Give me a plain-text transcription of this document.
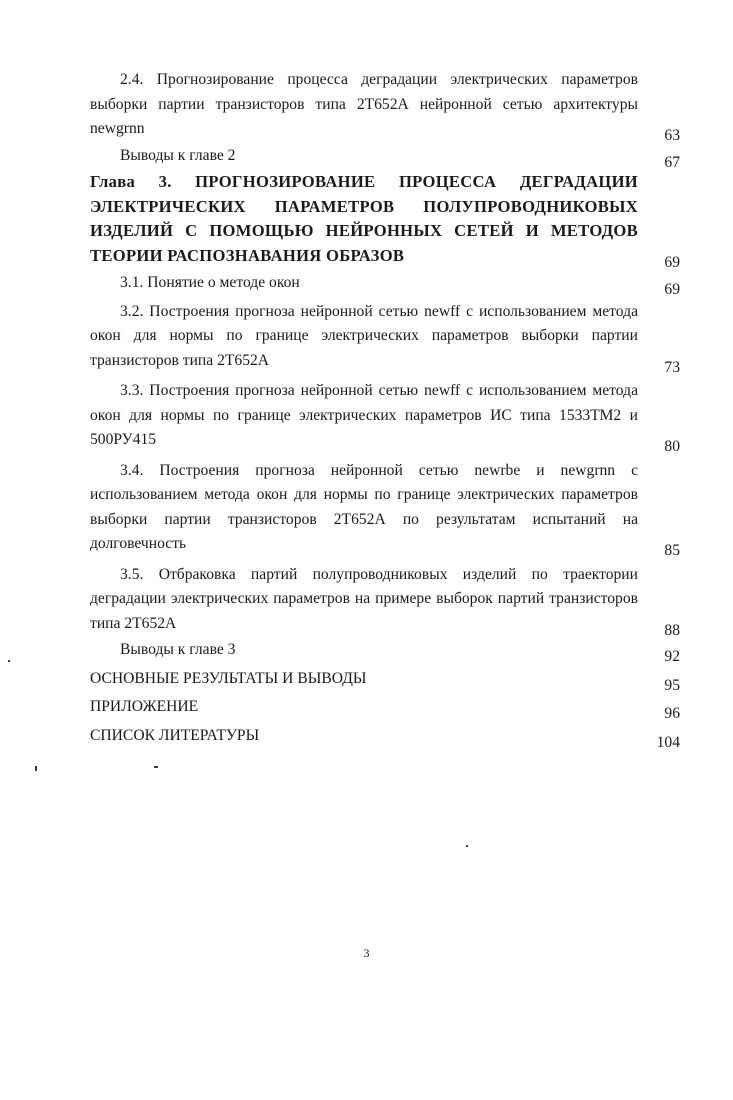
2.4. Прогнозирование процесса деградации электрических параметров выборки партии транзисторов типа 2Т652А нейронной сетью архитектуры newgrnn	63
Выводы к главе 2	67
Глава 3. ПРОГНОЗИРОВАНИЕ ПРОЦЕССА ДЕГРАДАЦИИ ЭЛЕКТРИЧЕСКИХ ПАРАМЕТРОВ ПОЛУПРОВОДНИКОВЫХ ИЗДЕЛИЙ С ПОМОЩЬЮ НЕЙРОННЫХ СЕТЕЙ И МЕТОДОВ ТЕОРИИ РАСПОЗНАВАНИЯ ОБРАЗОВ	69
3.1. Понятие о методе окон	69
3.2. Построения прогноза нейронной сетью newff с использованием метода окон для нормы по границе электрических параметров выборки партии транзисторов типа 2Т652А	73
3.3. Построения прогноза нейронной сетью newff с использованием метода окон для нормы по границе электрических параметров ИС типа 1533ТМ2 и 500РУ415	80
3.4. Построения прогноза нейронной сетью newrbe и newgrnn с использованием метода окон для нормы по границе электрических параметров выборки партии транзисторов 2Т652А по результатам испытаний на долговечность	85
3.5. Отбраковка партий полупроводниковых изделий по траектории деградации электрических параметров на примере выборок партий транзисторов типа 2Т652А	88
Выводы к главе 3	92
ОСНОВНЫЕ РЕЗУЛЬТАТЫ И ВЫВОДЫ	95
ПРИЛОЖЕНИЕ	96
СПИСОК ЛИТЕРАТУРЫ	104
3
